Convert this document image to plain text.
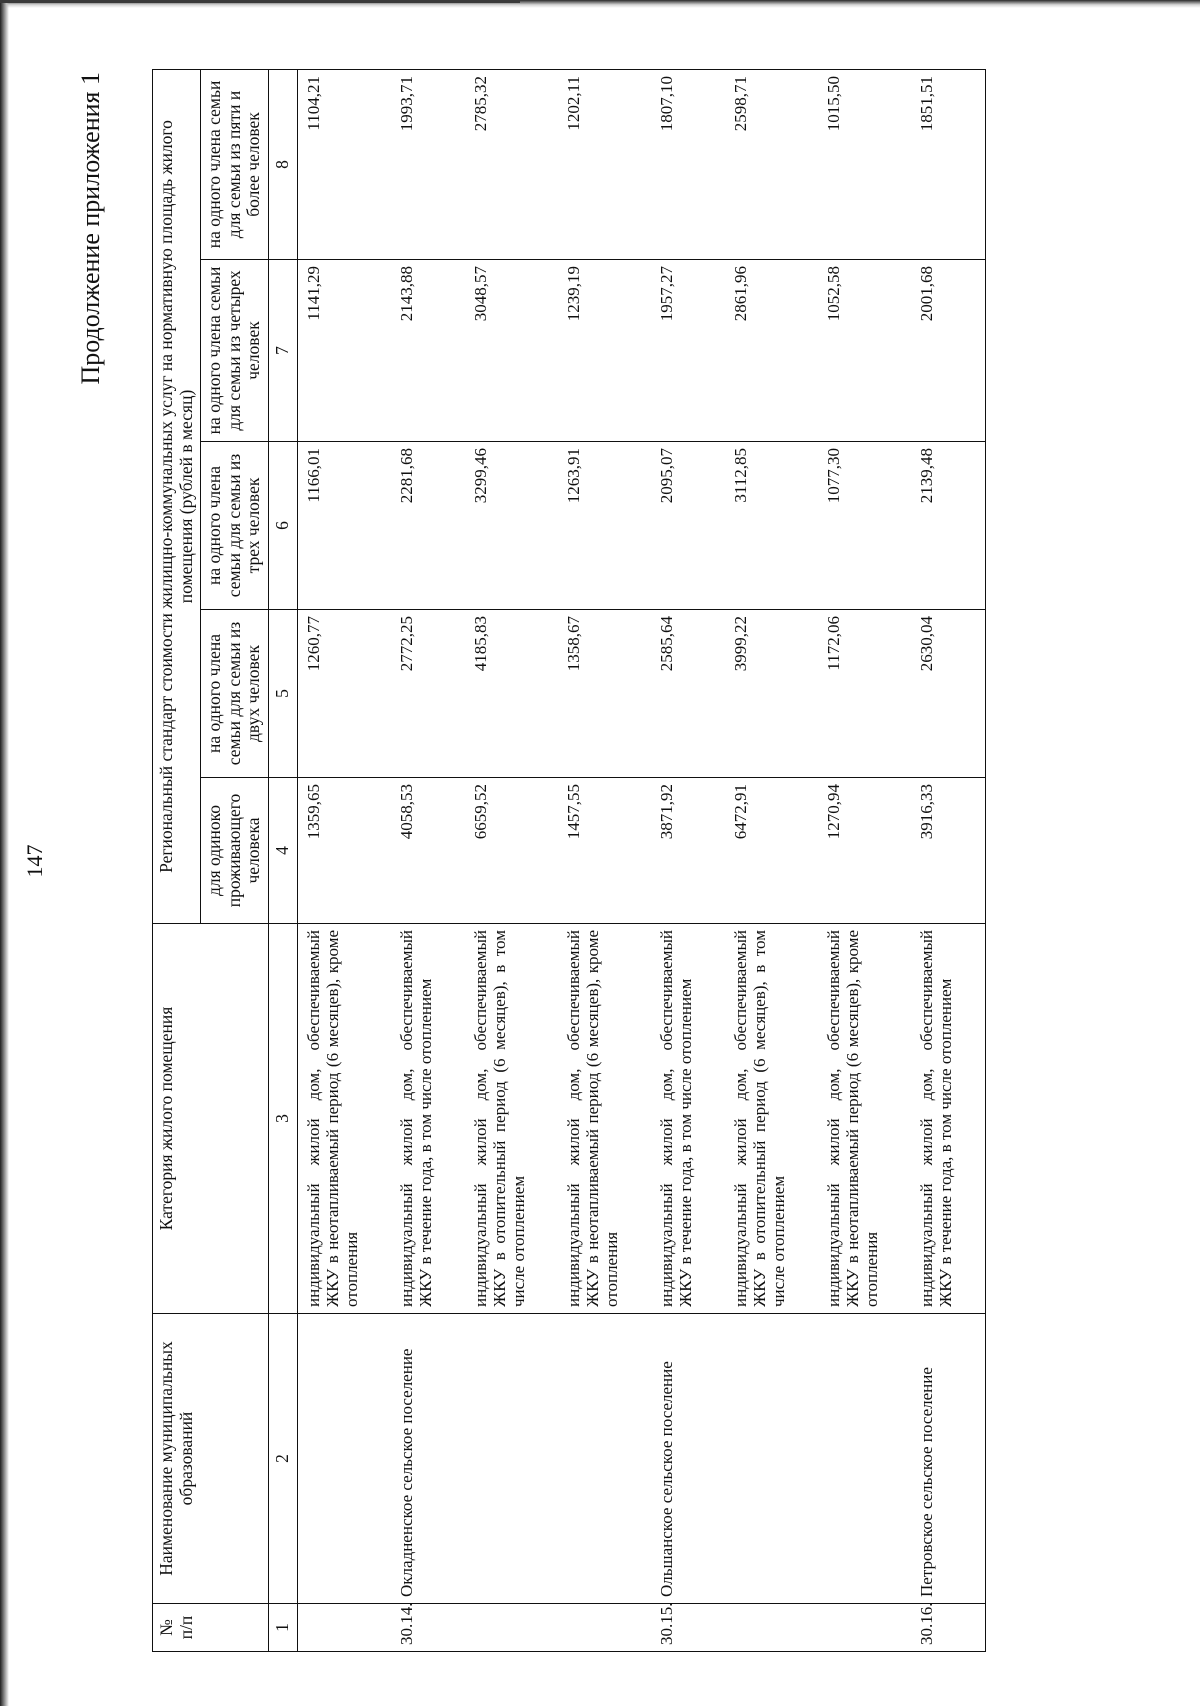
147
Продолжение приложения 1
№ п/п	Наименование муниципальных образований	Категория жилого помещения	Региональный стандарт стоимости жилищно-коммунальных услуг на нормативную площадь жилого помещения (рублей в месяц)				
			для одиноко проживающего человека	на одного члена семьи для семьи из двух человек	на одного члена семьи для семьи из трех человек	на одного члена семьи для семьи из четырех человек	на одного члена семьи для семьи из пяти и более человек
1	2	3	4	5	6	7	8
		индивидуальный жилой дом, обеспечиваемый ЖКУ в неотапливаемый период (6 месяцев), кроме отопления	1359,65	1260,77	1166,01	1141,29	1104,21
30.14.	Окладненское сельское поселение	индивидуальный жилой дом, обеспечиваемый ЖКУ в течение года, в том числе отоплением	4058,53	2772,25	2281,68	2143,88	1993,71
		индивидуальный жилой дом, обеспечиваемый ЖКУ в отопительный период (6 месяцев), в том числе отоплением	6659,52	4185,83	3299,46	3048,57	2785,32
		индивидуальный жилой дом, обеспечиваемый ЖКУ в неотапливаемый период (6 месяцев), кроме отопления	1457,55	1358,67	1263,91	1239,19	1202,11
30.15.	Ольшанское сельское поселение	индивидуальный жилой дом, обеспечиваемый ЖКУ в течение года, в том числе отоплением	3871,92	2585,64	2095,07	1957,27	1807,10
		индивидуальный жилой дом, обеспечиваемый ЖКУ в отопительный период (6 месяцев), в том числе отоплением	6472,91	3999,22	3112,85	2861,96	2598,71
		индивидуальный жилой дом, обеспечиваемый ЖКУ в неотапливаемый период (6 месяцев), кроме отопления	1270,94	1172,06	1077,30	1052,58	1015,50
30.16.	Петровское сельское поселение	индивидуальный жилой дом, обеспечиваемый ЖКУ в течение года, в том числе отоплением	3916,33	2630,04	2139,48	2001,68	1851,51
